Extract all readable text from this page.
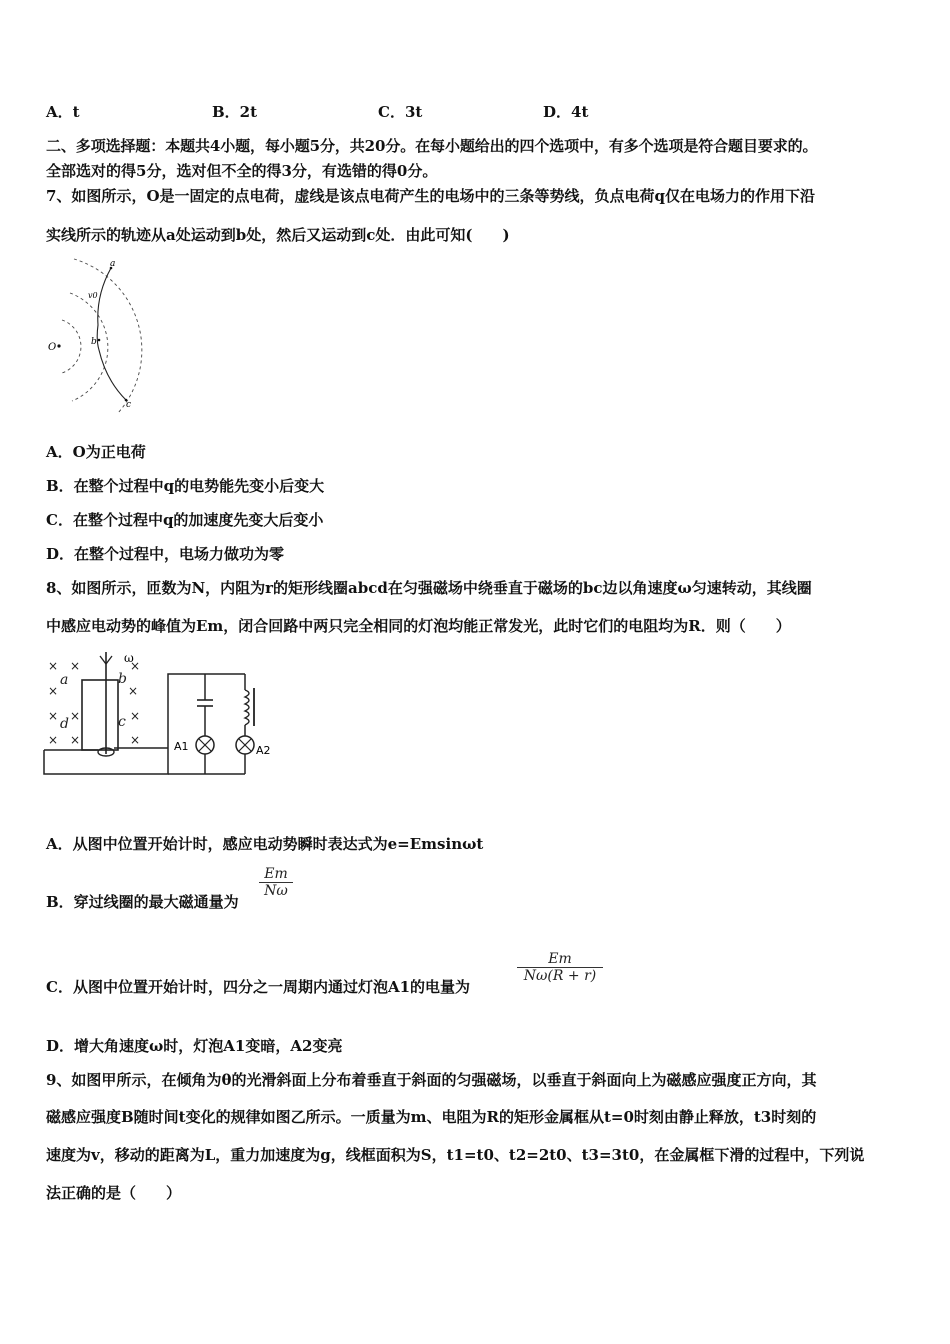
A．t	B．2t	C．3t	D．4t
二、多项选择题：本题共4小题，每小题5分，共20分。在每小题给出的四个选项中，有多个选项是符合题目要求的。
全部选对的得5分，选对但不全的得3分，有选错的得0分。
7、如图所示，O是一固定的点电荷，虚线是该点电荷产生的电场中的三条等势线，负点电荷q仅在电场力的作用下沿
实线所示的轨迹从a处运动到b处，然后又运动到c处．由此可知(　　)
O
a
v0
b
c
A．O为正电荷
B．在整个过程中q的电势能先变小后变大
C．在整个过程中q的加速度先变大后变小
D．在整个过程中，电场力做功为零
8、如图所示，匝数为N，内阻为r的矩形线圈abcd在匀强磁场中绕垂直于磁场的bc边以角速度ω匀速转动，其线圈
中感应电动势的峰值为Em，闭合回路中两只完全相同的灯泡均能正常发光，此时它们的电阻均为R．则（　　）
× ×
×
× ×
× ×
×
×
×
×
a	b
c
d
ω
A1	A2
A．从图中位置开始计时，感应电动势瞬时表达式为e=Emsinωt
B．穿过线圈的最大磁通量为
Em
Nω
C．从图中位置开始计时，四分之一周期内通过灯泡A1的电量为
Em
Nω(R + r)
D．增大角速度ω时，灯泡A1变暗，A2变亮
9、如图甲所示，在倾角为θ的光滑斜面上分布着垂直于斜面的匀强磁场，以垂直于斜面向上为磁感应强度正方向，其
磁感应强度B随时间t变化的规律如图乙所示。一质量为m、电阻为R的矩形金属框从t=0时刻由静止释放，t3时刻的
速度为v，移动的距离为L，重力加速度为g，线框面积为S，t1=t0、t2=2t0、t3=3t0，在金属框下滑的过程中，下列说
法正确的是（　　）
